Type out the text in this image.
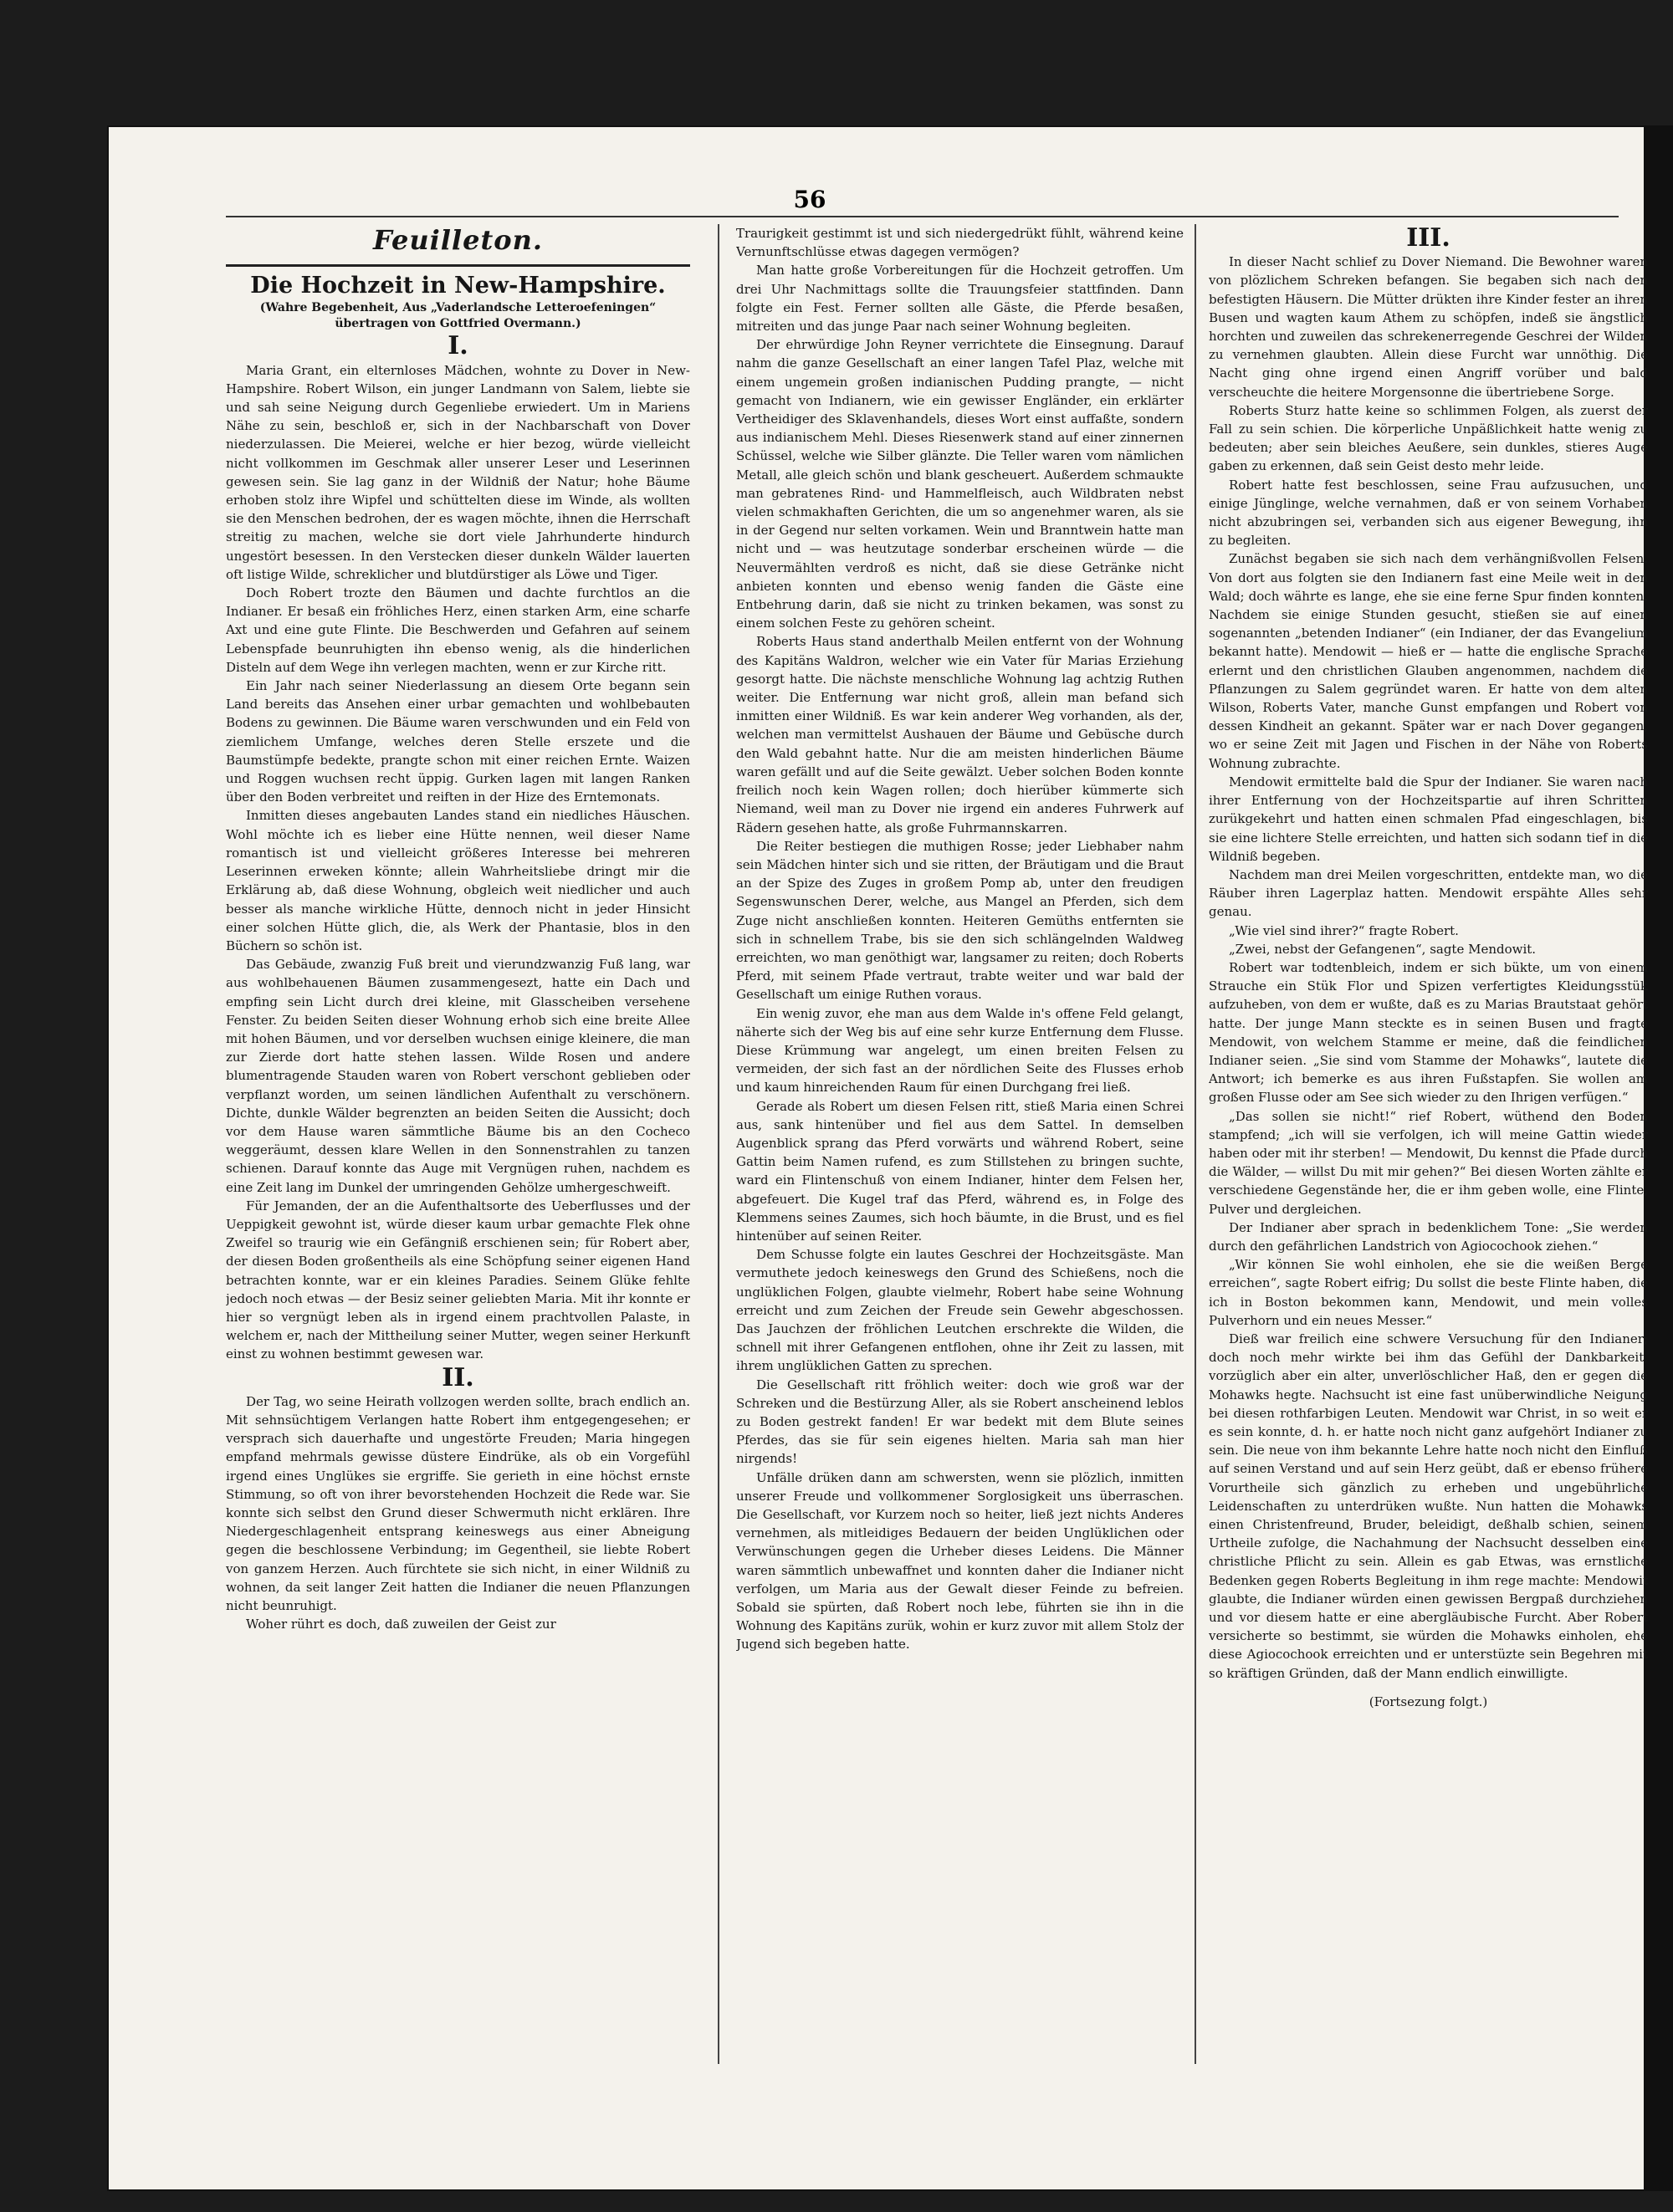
56
Feuilleton.
Die Hochzeit in New-Hampshire.
(Wahre Begebenheit, Aus „Vaderlandsche Letteroefeningen“ übertragen von Gottfried Overmann.)
I.

Maria Grant, ein elternloses Mädchen, wohnte zu Dover in New-Hampshire. Robert Wilson, ein junger Landmann von Salem, liebte sie und sah seine Neigung durch Gegenliebe erwiedert. Um in Mariens Nähe zu sein, beschloß er, sich in der Nachbarschaft von Dover niederzulassen. Die Meierei, welche er hier bezog, würde vielleicht nicht vollkommen im Geschmak aller unserer Leser und Leserinnen gewesen sein. Sie lag ganz in der Wildniß der Natur; hohe Bäume erhoben stolz ihre Wipfel und schüttelten diese im Winde, als wollten sie den Menschen bedrohen, der es wagen möchte, ihnen die Herrschaft streitig zu machen, welche sie dort viele Jahrhunderte hindurch ungestört besessen. In den Verstecken dieser dunkeln Wälder lauerten oft listige Wilde, schreklicher und blutdürstiger als Löwe und Tiger.

Doch Robert trozte den Bäumen und dachte furchtlos an die Indianer. Er besaß ein fröhliches Herz, einen starken Arm, eine scharfe Axt und eine gute Flinte. Die Beschwerden und Gefahren auf seinem Lebenspfade beunruhigten ihn ebenso wenig, als die hinderlichen Disteln auf dem Wege ihn verlegen machten, wenn er zur Kirche ritt.

Ein Jahr nach seiner Niederlassung an diesem Orte begann sein Land bereits das Ansehen einer urbar gemachten und wohlbebauten Bodens zu gewinnen. Die Bäume waren verschwunden und ein Feld von ziemlichem Umfange, welches deren Stelle erszete und die Baumstümpfe bedekte, prangte schon mit einer reichen Ernte. Waizen und Roggen wuchsen recht üppig. Gurken lagen mit langen Ranken über den Boden verbreitet und reiften in der Hize des Erntemonats.

Inmitten dieses angebauten Landes stand ein niedliches Häuschen. Wohl möchte ich es lieber eine Hütte nennen, weil dieser Name romantisch ist und vielleicht größeres Interesse bei mehreren Leserinnen erweken könnte; allein Wahrheitsliebe dringt mir die Erklärung ab, daß diese Wohnung, obgleich weit niedlicher und auch besser als manche wirkliche Hütte, dennoch nicht in jeder Hinsicht einer solchen Hütte glich, die, als Werk der Phantasie, blos in den Büchern so schön ist.

Das Gebäude, zwanzig Fuß breit und vierundzwanzig Fuß lang, war aus wohlbehauenen Bäumen zusammengesezt, hatte ein Dach und empfing sein Licht durch drei kleine, mit Glasscheiben versehene Fenster. Zu beiden Seiten dieser Wohnung erhob sich eine breite Allee mit hohen Bäumen, und vor derselben wuchsen einige kleinere, die man zur Zierde dort hatte stehen lassen. Wilde Rosen und andere blumentragende Stauden waren von Robert verschont geblieben oder verpflanzt worden, um seinen ländlichen Aufenthalt zu verschönern. Dichte, dunkle Wälder begrenzten an beiden Seiten die Aussicht; doch vor dem Hause waren sämmtliche Bäume bis an den Cocheco weggeräumt, dessen klare Wellen in den Sonnenstrahlen zu tanzen schienen. Darauf konnte das Auge mit Vergnügen ruhen, nachdem es eine Zeit lang im Dunkel der umringenden Gehölze umhergeschweift.

Für Jemanden, der an die Aufenthaltsorte des Ueberflusses und der Ueppigkeit gewohnt ist, würde dieser kaum urbar gemachte Flek ohne Zweifel so traurig wie ein Gefängniß erschienen sein; für Robert aber, der diesen Boden großentheils als eine Schöpfung seiner eigenen Hand betrachten konnte, war er ein kleines Paradies. Seinem Glüke fehlte jedoch noch etwas — der Besiz seiner geliebten Maria. Mit ihr konnte er hier so vergnügt leben als in irgend einem prachtvollen Palaste, in welchem er, nach der Mittheilung seiner Mutter, wegen seiner Herkunft einst zu wohnen bestimmt gewesen war.

II.

Der Tag, wo seine Heirath vollzogen werden sollte, brach endlich an. Mit sehnsüchtigem Verlangen hatte Robert ihm entgegengesehen; er versprach sich dauerhafte und ungestörte Freuden; Maria hingegen empfand mehrmals gewisse düstere Eindrüke, als ob ein Vorgefühl irgend eines Unglükes sie ergriffe. Sie gerieth in eine höchst ernste Stimmung, so oft von ihrer bevorstehenden Hochzeit die Rede war. Sie konnte sich selbst den Grund dieser Schwermuth nicht erklären. Ihre Niedergeschlagenheit entsprang keineswegs aus einer Abneigung gegen die beschlossene Verbindung; im Gegentheil, sie liebte Robert von ganzem Herzen. Auch fürchtete sie sich nicht, in einer Wildniß zu wohnen, da seit langer Zeit hatten die Indianer die neuen Pflanzungen nicht beunruhigt.

Woher rührt es doch, daß zuweilen der Geist zur

Traurigkeit gestimmt ist und sich niedergedrükt fühlt, während keine Vernunftschlüsse etwas dagegen vermögen?

Man hatte große Vorbereitungen für die Hochzeit getroffen. Um drei Uhr Nachmittags sollte die Trauungsfeier stattfinden. Dann folgte ein Fest. Ferner sollten alle Gäste, die Pferde besaßen, mitreiten und das junge Paar nach seiner Wohnung begleiten.

Der ehrwürdige John Reyner verrichtete die Einsegnung. Darauf nahm die ganze Gesellschaft an einer langen Tafel Plaz, welche mit einem ungemein großen indianischen Pudding prangte, — nicht gemacht von Indianern, wie ein gewisser Engländer, ein erklärter Vertheidiger des Sklavenhandels, dieses Wort einst auffaßte, sondern aus indianischem Mehl. Dieses Riesenwerk stand auf einer zinnernen Schüssel, welche wie Silber glänzte. Die Teller waren vom nämlichen Metall, alle gleich schön und blank gescheuert. Außerdem schmaukte man gebratenes Rind- und Hammelfleisch, auch Wildbraten nebst vielen schmakhaften Gerichten, die um so angenehmer waren, als sie in der Gegend nur selten vorkamen. Wein und Branntwein hatte man nicht und — was heutzutage sonderbar erscheinen würde — die Neuvermählten verdroß es nicht, daß sie diese Getränke nicht anbieten konnten und ebenso wenig fanden die Gäste eine Entbehrung darin, daß sie nicht zu trinken bekamen, was sonst zu einem solchen Feste zu gehören scheint.

Roberts Haus stand anderthalb Meilen entfernt von der Wohnung des Kapitäns Waldron, welcher wie ein Vater für Marias Erziehung gesorgt hatte. Die nächste menschliche Wohnung lag achtzig Ruthen weiter. Die Entfernung war nicht groß, allein man befand sich inmitten einer Wildniß. Es war kein anderer Weg vorhanden, als der, welchen man vermittelst Aushauen der Bäume und Gebüsche durch den Wald gebahnt hatte. Nur die am meisten hinderlichen Bäume waren gefällt und auf die Seite gewälzt. Ueber solchen Boden konnte freilich noch kein Wagen rollen; doch hierüber kümmerte sich Niemand, weil man zu Dover nie irgend ein anderes Fuhrwerk auf Rädern gesehen hatte, als große Fuhrmannskarren.

Die Reiter bestiegen die muthigen Rosse; jeder Liebhaber nahm sein Mädchen hinter sich und sie ritten, der Bräutigam und die Braut an der Spize des Zuges in großem Pomp ab, unter den freudigen Segenswunschen Derer, welche, aus Mangel an Pferden, sich dem Zuge nicht anschließen konnten. Heiteren Gemüths entfernten sie sich in schnellem Trabe, bis sie den sich schlängelnden Waldweg erreichten, wo man genöthigt war, langsamer zu reiten; doch Roberts Pferd, mit seinem Pfade vertraut, trabte weiter und war bald der Gesellschaft um einige Ruthen voraus.

Ein wenig zuvor, ehe man aus dem Walde in's offene Feld gelangt, näherte sich der Weg bis auf eine sehr kurze Entfernung dem Flusse. Diese Krümmung war angelegt, um einen breiten Felsen zu vermeiden, der sich fast an der nördlichen Seite des Flusses erhob und kaum hinreichenden Raum für einen Durchgang frei ließ.

Gerade als Robert um diesen Felsen ritt, stieß Maria einen Schrei aus, sank hintenüber und fiel aus dem Sattel. In demselben Augenblick sprang das Pferd vorwärts und während Robert, seine Gattin beim Namen rufend, es zum Stillstehen zu bringen suchte, ward ein Flintenschuß von einem Indianer, hinter dem Felsen her, abgefeuert. Die Kugel traf das Pferd, während es, in Folge des Klemmens seines Zaumes, sich hoch bäumte, in die Brust, und es fiel hintenüber auf seinen Reiter.

Dem Schusse folgte ein lautes Geschrei der Hochzeitsgäste. Man vermuthete jedoch keineswegs den Grund des Schießens, noch die unglüklichen Folgen, glaubte vielmehr, Robert habe seine Wohnung erreicht und zum Zeichen der Freude sein Gewehr abgeschossen. Das Jauchzen der fröhlichen Leutchen erschrekte die Wilden, die schnell mit ihrer Gefangenen entflohen, ohne ihr Zeit zu lassen, mit ihrem unglüklichen Gatten zu sprechen.

Die Gesellschaft ritt fröhlich weiter: doch wie groß war der Schreken und die Bestürzung Aller, als sie Robert anscheinend leblos zu Boden gestrekt fanden! Er war bedekt mit dem Blute seines Pferdes, das sie für sein eigenes hielten. Maria sah man hier nirgends!

Unfälle drüken dann am schwersten, wenn sie plözlich, inmitten unserer Freude und vollkommener Sorglosigkeit uns überraschen. Die Gesellschaft, vor Kurzem noch so heiter, ließ jezt nichts Anderes vernehmen, als mitleidiges Bedauern der beiden Unglüklichen oder Verwünschungen gegen die Urheber dieses Leidens. Die Männer waren sämmtlich unbewaffnet und konnten daher die Indianer nicht verfolgen, um Maria aus der Gewalt dieser Feinde zu befreien. Sobald sie spürten, daß Robert noch lebe, führten sie ihn in die Wohnung des Kapitäns zurük, wohin er kurz zuvor mit allem Stolz der Jugend sich begeben hatte.

III.

In dieser Nacht schlief zu Dover Niemand. Die Bewohner waren von plözlichem Schreken befangen. Sie begaben sich nach den befestigten Häusern. Die Mütter drükten ihre Kinder fester an ihren Busen und wagten kaum Athem zu schöpfen, indeß sie ängstlich horchten und zuweilen das schrekenerregende Geschrei der Wilden zu vernehmen glaubten. Allein diese Furcht war unnöthig. Die Nacht ging ohne irgend einen Angriff vorüber und bald verscheuchte die heitere Morgensonne die übertriebene Sorge.

Roberts Sturz hatte keine so schlimmen Folgen, als zuerst der Fall zu sein schien. Die körperliche Unpäßlichkeit hatte wenig zu bedeuten; aber sein bleiches Aeußere, sein dunkles, stieres Auge gaben zu erkennen, daß sein Geist desto mehr leide.

Robert hatte fest beschlossen, seine Frau aufzusuchen, und einige Jünglinge, welche vernahmen, daß er von seinem Vorhaben nicht abzubringen sei, verbanden sich aus eigener Bewegung, ihn zu begleiten.

Zunächst begaben sie sich nach dem verhängnißvollen Felsen. Von dort aus folgten sie den Indianern fast eine Meile weit in den Wald; doch währte es lange, ehe sie eine ferne Spur finden konnten. Nachdem sie einige Stunden gesucht, stießen sie auf einen sogenannten „betenden Indianer“ (ein Indianer, der das Evangelium bekannt hatte). Mendowit — hieß er — hatte die englische Sprache erlernt und den christlichen Glauben angenommen, nachdem die Pflanzungen zu Salem gegründet waren. Er hatte von dem alten Wilson, Roberts Vater, manche Gunst empfangen und Robert von dessen Kindheit an gekannt. Später war er nach Dover gegangen, wo er seine Zeit mit Jagen und Fischen in der Nähe von Roberts Wohnung zubrachte.

Mendowit ermittelte bald die Spur der Indianer. Sie waren nach ihrer Entfernung von der Hochzeitspartie auf ihren Schritten zurükgekehrt und hatten einen schmalen Pfad eingeschlagen, bis sie eine lichtere Stelle erreichten, und hatten sich sodann tief in die Wildniß begeben.

Nachdem man drei Meilen vorgeschritten, entdekte man, wo die Räuber ihren Lagerplaz hatten. Mendowit erspähte Alles sehr genau.

„Wie viel sind ihrer?“ fragte Robert.

„Zwei, nebst der Gefangenen“, sagte Mendowit.

Robert war todtenbleich, indem er sich bükte, um von einem Strauche ein Stük Flor und Spizen verfertigtes Kleidungsstük aufzuheben, von dem er wußte, daß es zu Marias Brautstaat gehört hatte. Der junge Mann steckte es in seinen Busen und fragte Mendowit, von welchem Stamme er meine, daß die feindlichen Indianer seien. „Sie sind vom Stamme der Mohawks“, lautete die Antwort; ich bemerke es aus ihren Fußstapfen. Sie wollen am großen Flusse oder am See sich wieder zu den Ihrigen verfügen.“

„Das sollen sie nicht!“ rief Robert, wüthend den Boden stampfend; „ich will sie verfolgen, ich will meine Gattin wieder haben oder mit ihr sterben! — Mendowit, Du kennst die Pfade durch die Wälder, — willst Du mit mir gehen?“ Bei diesen Worten zählte er verschiedene Gegenstände her, die er ihm geben wolle, eine Flinte, Pulver und dergleichen.

Der Indianer aber sprach in bedenklichem Tone: „Sie werden durch den gefährlichen Landstrich von Agiocochook ziehen.“

„Wir können Sie wohl einholen, ehe sie die weißen Berge erreichen“, sagte Robert eifrig; Du sollst die beste Flinte haben, die ich in Boston bekommen kann, Mendowit, und mein volles Pulverhorn und ein neues Messer.“

Dieß war freilich eine schwere Versuchung für den Indianer; doch noch mehr wirkte bei ihm das Gefühl der Dankbarkeit, vorzüglich aber ein alter, unverlöschlicher Haß, den er gegen die Mohawks hegte. Nachsucht ist eine fast unüberwindliche Neigung bei diesen rothfarbigen Leuten. Mendowit war Christ, in so weit er es sein konnte, d. h. er hatte noch nicht ganz aufgehört Indianer zu sein. Die neue von ihm bekannte Lehre hatte noch nicht den Einfluß auf seinen Verstand und auf sein Herz geübt, daß er ebenso frühere Vorurtheile sich gänzlich zu erheben und ungebührliche Leidenschaften zu unterdrüken wußte. Nun hatten die Mohawks einen Christenfreund, Bruder, beleidigt, deßhalb schien, seinem Urtheile zufolge, die Nachahmung der Nachsucht desselben eine christliche Pflicht zu sein. Allein es gab Etwas, was ernstliche Bedenken gegen Roberts Begleitung in ihm rege machte: Mendowit glaubte, die Indianer würden einen gewissen Bergpaß durchziehen und vor diesem hatte er eine abergläubische Furcht. Aber Robert versicherte so bestimmt, sie würden die Mohawks einholen, ehe diese Agiocochook erreichten und er unterstüzte sein Begehren mit so kräftigen Gründen, daß der Mann endlich einwilligte.

(Fortsezung folgt.)
